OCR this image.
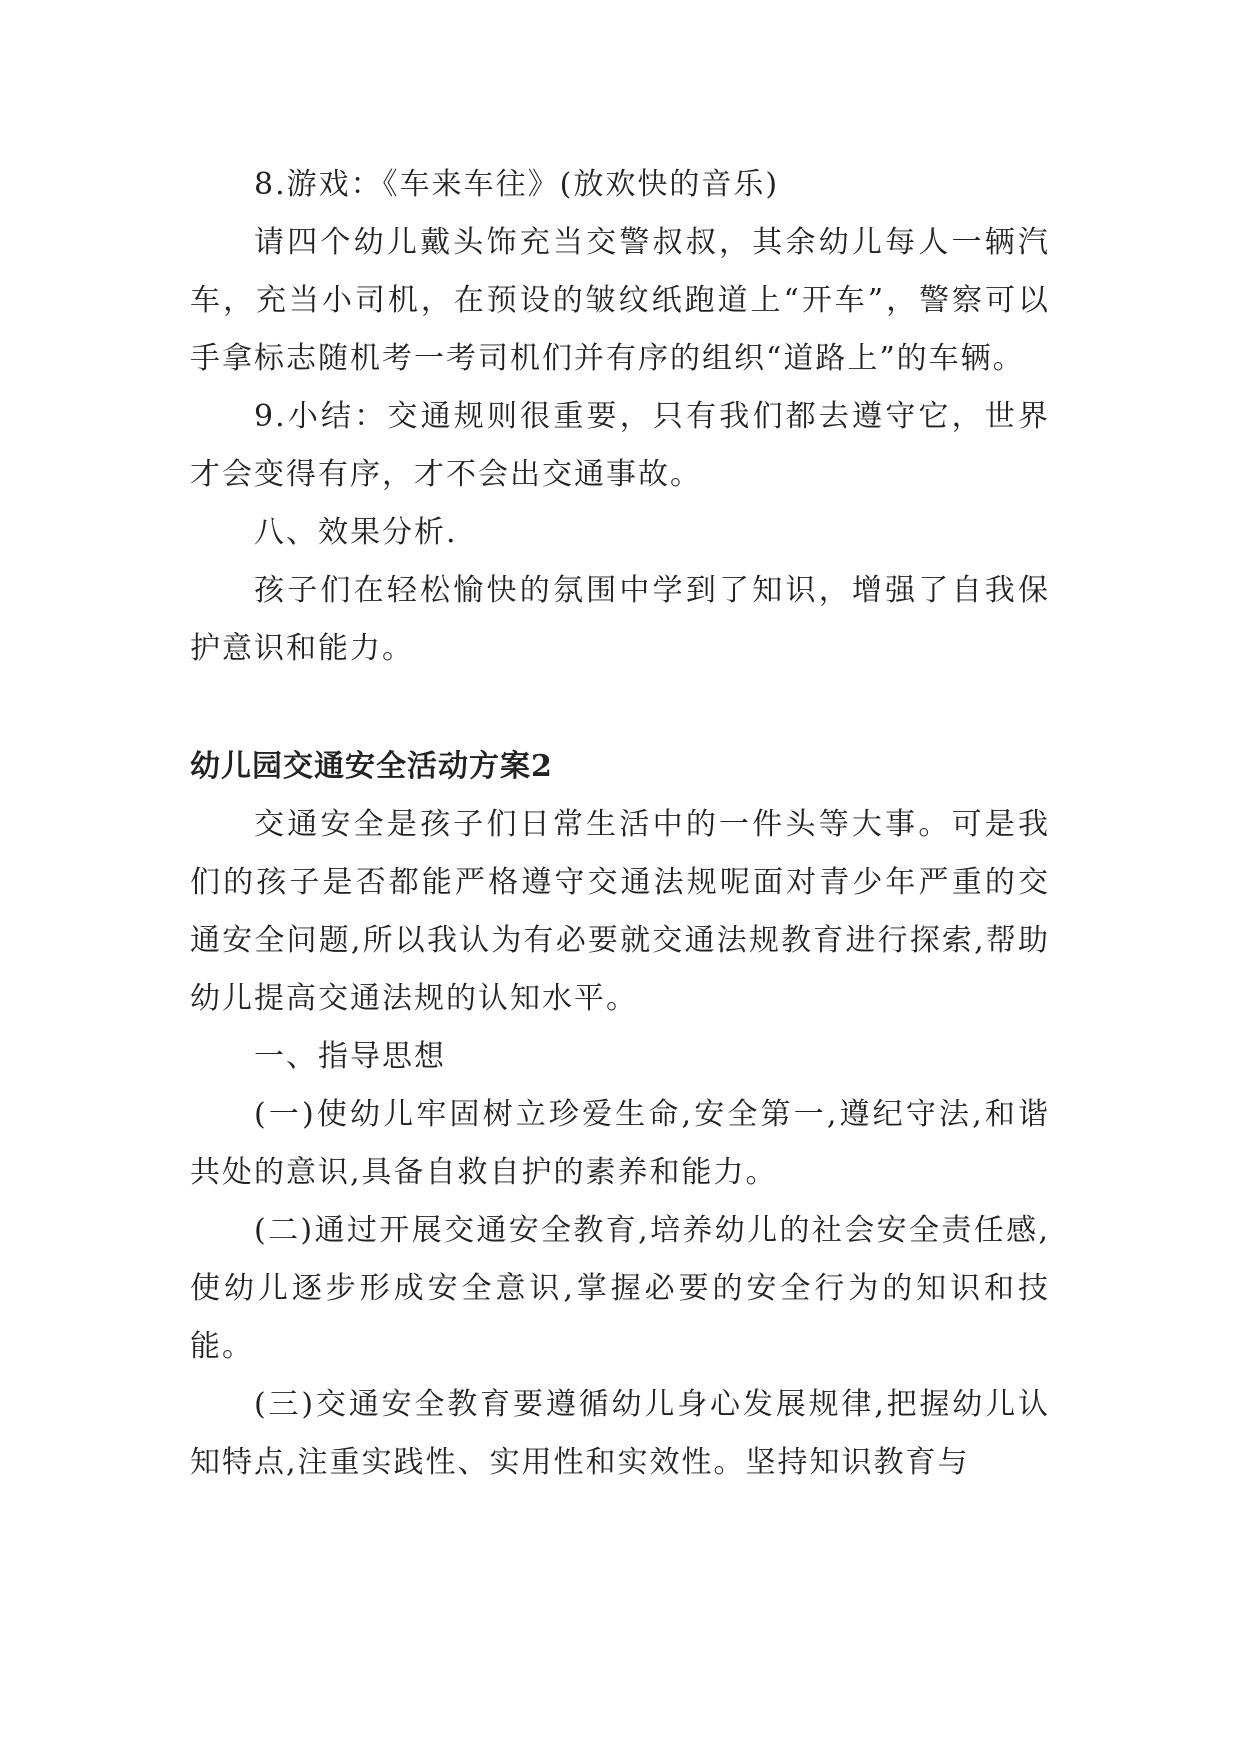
8.游戏：《车来车往》(放欢快的音乐)

请四个幼儿戴头饰充当交警叔叔，其余幼儿每人一辆汽车，充当小司机，在预设的皱纹纸跑道上“开车”，警察可以手拿标志随机考一考司机们并有序的组织“道路上”的车辆。

9.小结：交通规则很重要，只有我们都去遵守它，世界才会变得有序，才不会出交通事故。

八、效果分析.

孩子们在轻松愉快的氛围中学到了知识，增强了自我保护意识和能力。

幼儿园交通安全活动方案2

交通安全是孩子们日常生活中的一件头等大事。可是我们的孩子是否都能严格遵守交通法规呢面对青少年严重的交通安全问题,所以我认为有必要就交通法规教育进行探索,帮助幼儿提高交通法规的认知水平。

一、指导思想

(一)使幼儿牢固树立珍爱生命,安全第一,遵纪守法,和谐共处的意识,具备自救自护的素养和能力。

(二)通过开展交通安全教育,培养幼儿的社会安全责任感,使幼儿逐步形成安全意识,掌握必要的安全行为的知识和技能。

(三)交通安全教育要遵循幼儿身心发展规律,把握幼儿认知特点,注重实践性、实用性和实效性。坚持知识教育与
